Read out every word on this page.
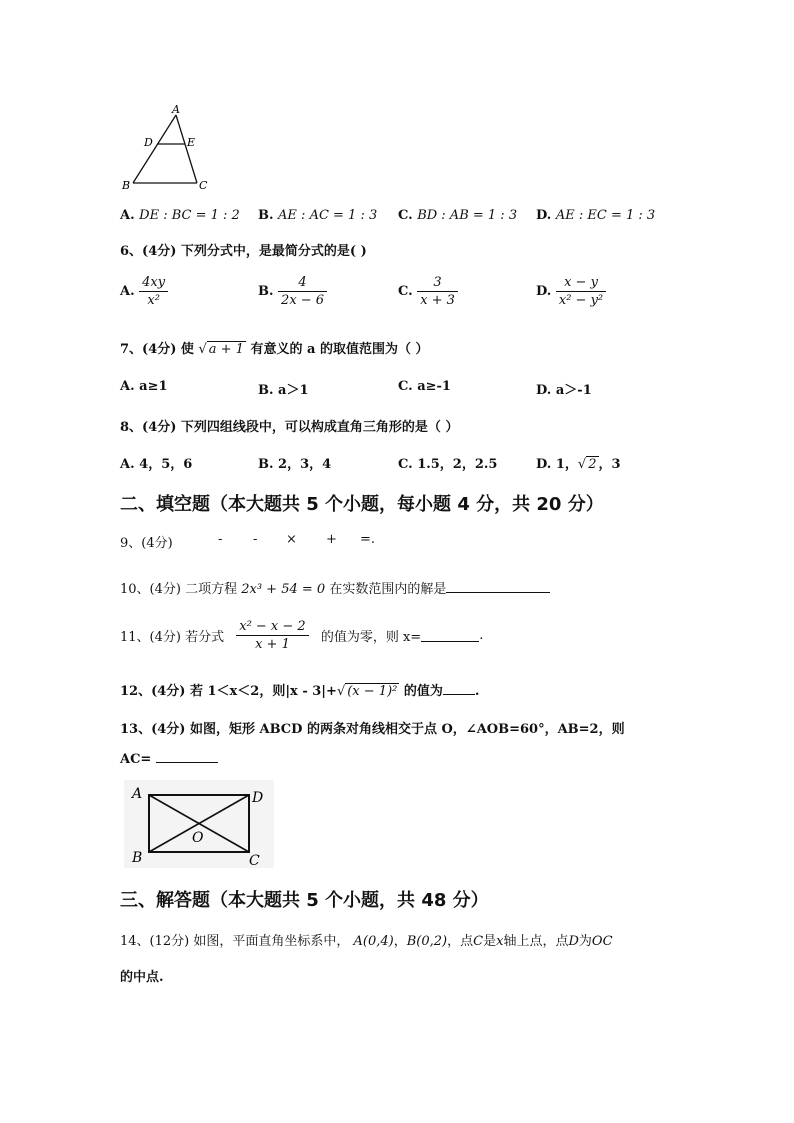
A
D	E
B	C
A. DE : BC = 1 : 2 B. AE : AC = 1 : 3 C. BD : AB = 1 : 3 D. AE : EC = 1 : 3
6、(4分) 下列分式中，是最简分式的是( )
A. $\frac{4xy}{\text{x²}}$	B. $\frac{4}{2x - 6}$	C. $\frac{3}{x + 3}$	D. $\frac{x - y}{\text{x² − y²}}$
7、(4分) 使 √ a + 1 有意义的 a 的取值范围为（ ）
A. a≥1	B. a＞1	C. a≥-1	D. a＞-1
8、(4分) 下列四组线段中，可以构成直角三角形的是（ ）
A. 4，5，6	B. 2，3，4	C. 1.5，2，2.5	D. 1，√ 2 ，3
二、填空题（本大题共 5 个小题，每小题 4 分，共 20 分）
9、(4分)	- - × + =.
10、(4分) 二项方程 2x³ + 54 = 0 在实数范围内的解是
11、(4分) 若分式 $\frac{\text{x² − x − 2}}{x + 1}$ 的值为零，则 x=	.
12、(4分) 若 1＜x＜2，则|x - 3|+√ (x − 1)² 的值为 .
13、(4分) 如图，矩形 ABCD 的两条对角线相交于点 O，∠AOB=60°，AB=2，则
AC=
A	D
O
B	C
三、解答题（本大题共 5 个小题，共 48 分）
14、(12分) 如图，平面直角坐标系中， A(0,4)，B(0,2)，点C是x轴上点，点D为OC
的中点.
